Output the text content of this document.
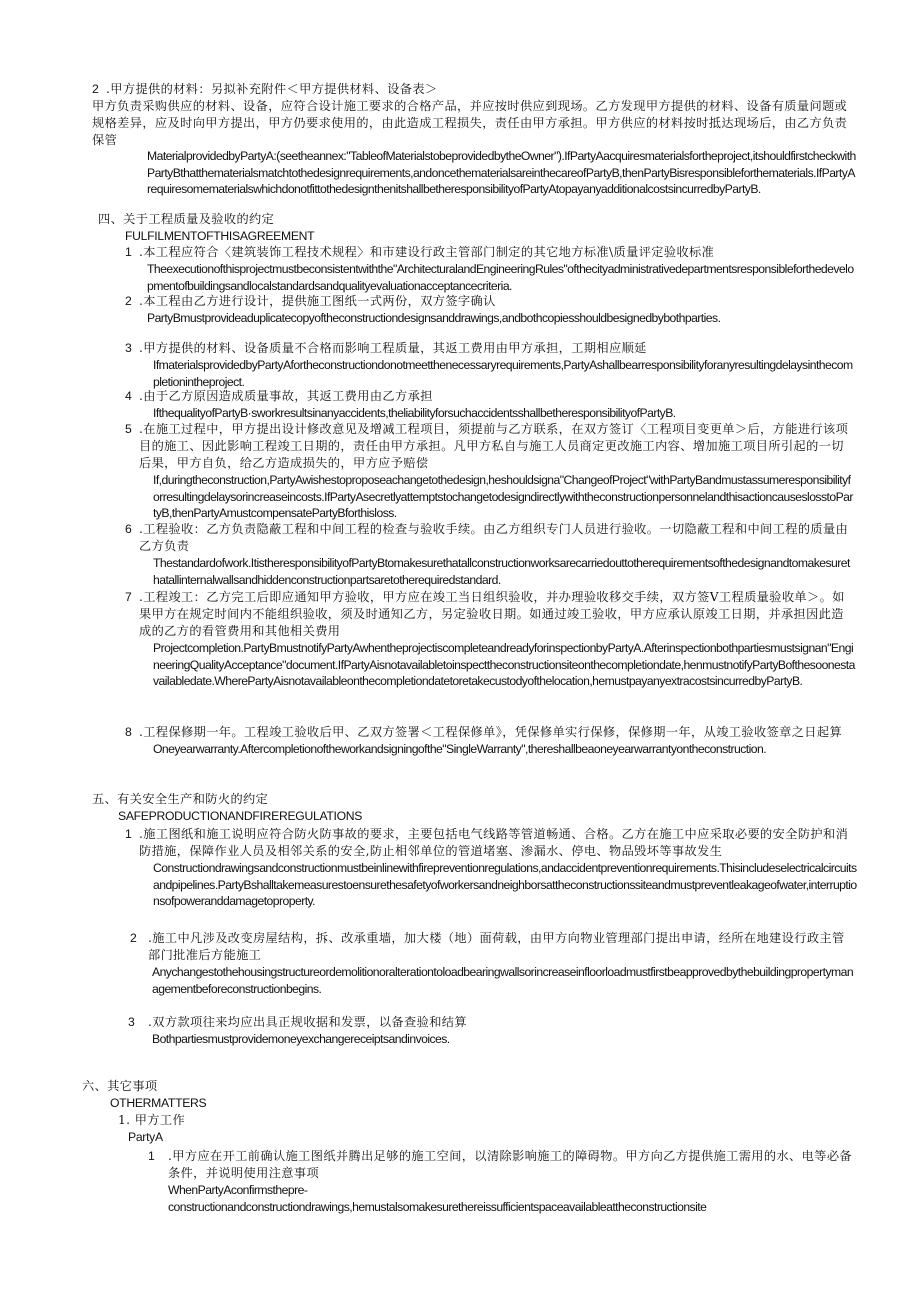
2 .甲方提供的材料：另拟补充附件＜甲方提供材料、设备表＞

甲方负责采购供应的材料、设备，应符合设计施工要求的合格产品，并应按时供应到现场。乙方发现甲方提供的材料、设备有质量问题或规格差异，应及时向甲方提出，甲方仍要求使用的，由此造成工程损失，责任由甲方承担。甲方供应的材料按时抵达现场后，由乙方负责保管

MaterialprovidedbyPartyA:(seetheannex:"TableofMaterialstobeprovidedbytheOwner").IfPartyAacquiresmaterialsfortheproject,itshouldfirstcheckwithPartyBthatthematerialsmatchtothedesignrequirements,andoncethematerialsareinthecareofPartyB,thenPartyBisresponsibleforthematerials.IfPartyArequiresomematerialswhichdonotfittothedesignthenitshallbetheresponsibilityofPartyAtopayanyadditionalcostsincurredbyPartyB.

四、关于工程质量及验收的约定

FULFILMENTOFTHISAGREEMENT

1 .本工程应符合〈建筑装饰工程技术规程〉和市建设行政主管部门制定的其它地方标准\质量评定验收标准

Theexecutionofthisprojectmustbeconsistentwiththe"ArchitecturalandEngineeringRules"ofthecityadministrativedepartmentsresponsibleforthedevelopmentofbuildingsandlocalstandardsandqualityevaluationacceptancecriteria.

2 .本工程由乙方进行设计，提供施工图纸一式两份，双方签字确认

PartyBmustprovideaduplicatecopyoftheconstructiondesignsanddrawings,andbothcopiesshouldbesignedbybothparties.

3 .甲方提供的材料、设备质量不合格而影响工程质量，其返工费用由甲方承担，工期相应顺延

IfmaterialsprovidedbyPartyAfortheconstructiondonotmeetthenecessaryrequirements,PartyAshallbearresponsibilityforanyresultingdelaysinthecompletionintheproject.

4 .由于乙方原因造成质量事故，其返工费用由乙方承担

IfthequalityofPartyB·sworkresultsinanyaccidents,theliabilityforsuchaccidentsshallbetheresponsibilityofPartyB.

5 .在施工过程中，甲方提出设计修改意见及增减工程项目，须提前与乙方联系，在双方签订〈工程项目变更单＞后，方能进行该项目的施工、因此影响工程竣工日期的，责任由甲方承担。凡甲方私自与施工人员商定更改施工内容、增加施工项目所引起的一切后果，甲方自负，给乙方造成损失的，甲方应予赔偿

If,duringtheconstruction,PartyAwishestoproposeachangetothedesign,heshouldsigna"ChangeofProject"withPartyBandmustassumeresponsibilityforresultingdelaysorincreaseincosts.IfPartyAsecretlyattemptstochangetodesigndirectlywiththeconstructionpersonnelandthisactioncauseslosstoPartyB,thenPartyAmustcompensatePartyBforthisloss.

6 .工程验收：乙方负责隐蔽工程和中间工程的检查与验收手续。由乙方组织专门人员进行验收。一切隐蔽工程和中间工程的质量由乙方负责

Thestandardofwork.ItistheresponsibilityofPartyBtomakesurethatallconstructionworksarecarriedouttotherequirementsofthedesignandtomakesurethatallinternalwallsandhiddenconstructionpartsaretotherequiredstandard.

7 .工程竣工：乙方完工后即应通知甲方验收，甲方应在竣工当日组织验收，并办理验收移交手续，双方签Ⅴ工程质量验收单＞。如果甲方在规定时间内不能组织验收，须及时通知乙方，另定验收日期。如通过竣工验收，甲方应承认原竣工日期，并承担因此造成的乙方的看管费用和其他相关费用

Projectcompletion.PartyBmustnotifyPartyAwhentheprojectiscompleteandreadyforinspectionbyPartyA.Afterinspectionbothpartiesmustsignan"EngineeringQualityAcceptance"document.IfPartyAisnotavailabletoinspecttheconstructionsiteonthecompletiondate,henmustnotifyPartyBofthesoonestavailabledate.WherePartyAisnotavailableonthecompletiondatetoretakecustodyofthelocation,hemustpayanyextracostsincurredbyPartyB.

8 .工程保修期一年。工程竣工验收后甲、乙双方签署＜工程保修单》，凭保修单实行保修，保修期一年，从竣工验收签章之日起算

Oneyearwarranty.Aftercompletionoftheworkandsigningofthe"SingleWarranty",thereshallbeaoneyearwarrantyontheconstruction.

五、有关安全生产和防火的约定

SAFEPRODUCTIONANDFIREREGULATIONS

1 .施工图纸和施工说明应符合防火防事故的要求，主要包括电气线路等管道畅通、合格。乙方在施工中应采取必要的安全防护和消防措施，保障作业人员及相邻关系的安全,防止相邻单位的管道堵塞、渗漏水、停电、物品毁坏等事故发生

Constructiondrawingsandconstructionmustbeinlinewithfirepreventionregulations,andaccidentpreventionrequirements.Thisincludeselectricalcircuitsandpipelines.PartyBshalltakemeasurestoensurethesafetyofworkersandneighborsattheconstructionssiteandmustpreventleakageofwater,interruptionsofpoweranddamagetoproperty.

2 .施工中凡涉及改变房屋结构，拆、改承重墙，加大楼（地）面荷载，由甲方向物业管理部门提出申请，经所在地建设行政主管部门批准后方能施工

Anychangestothehousingstructureordemolitionoralterationtoloadbearingwallsorincreaseinfloorloadmustfirstbeapprovedbythebuildingpropertymanagementbeforeconstructionbegins.

3	.双方款项往来均应出具正规收据和发票，以备查验和结算

Bothpartiesmustprovidemoneyexchangereceiptsandinvoices.

六、其它事项

OTHERMATTERS

1. 甲方工作

PartyA

1	.甲方应在开工前确认施工图纸并腾出足够的施工空间，以清除影响施工的障碍物。甲方向乙方提供施工需用的水、电等必备条件，并说明使用注意事项

WhenPartyAconfirmsthepre-

constructionandconstructiondrawings,hemustalsomakesurethereissufficientspaceavailableattheconstructionsite
